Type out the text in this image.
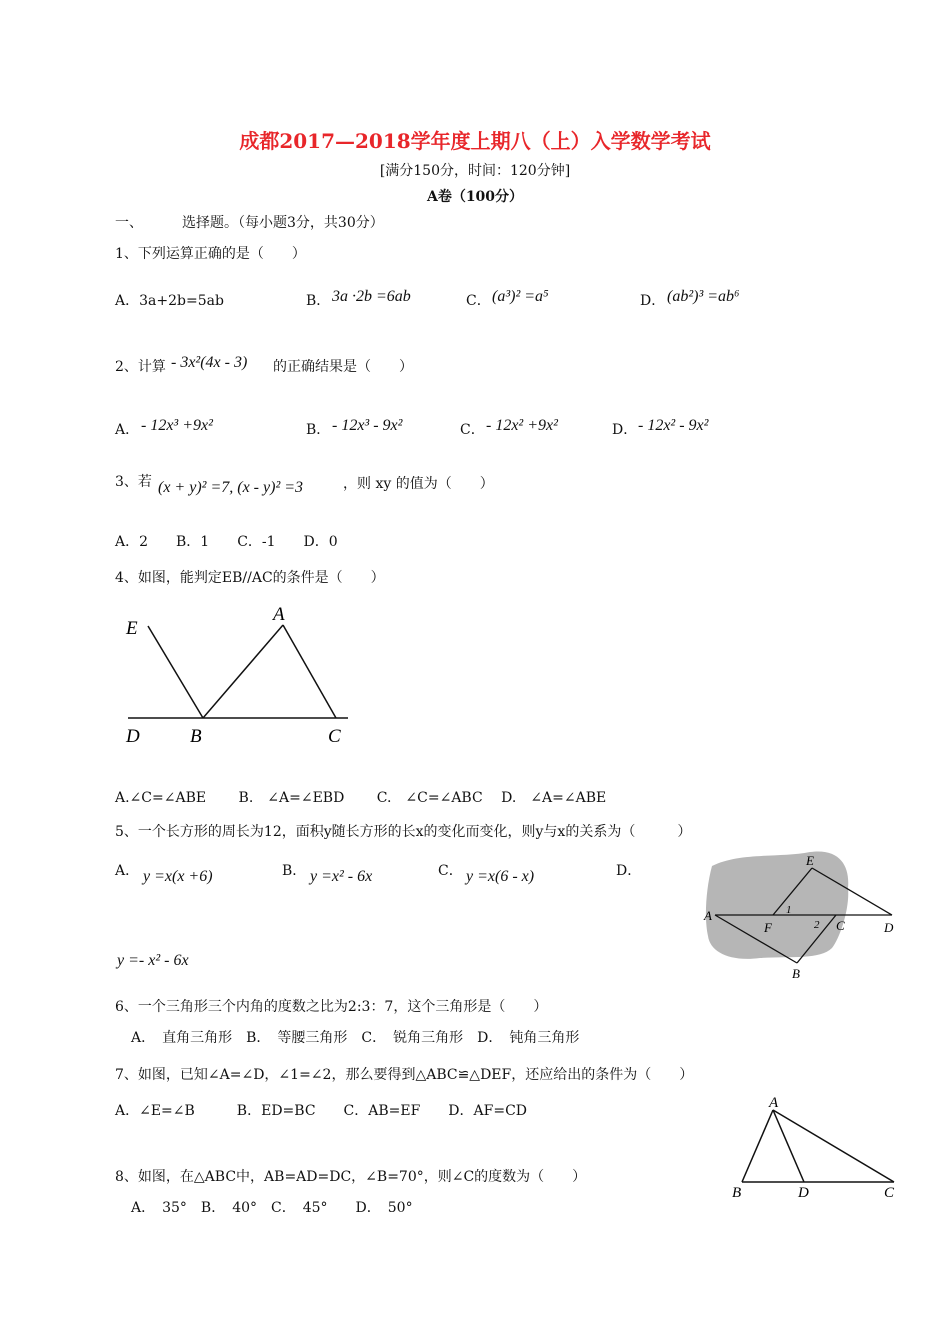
成都2017—2018学年度上期八（上）入学数学考试
[满分150分，时间：120分钟]
A卷（100分）
一、	选择题。（每小题3分，共30分）
1、下列运算正确的是（　　）
A．3a+2b=5ab	B． 3a ·2b =6ab	C． (a³)² =a⁵	D． (ab²)³ =ab⁶
2、计算 - 3x²(4x - 3) 的正确结果是（　　）
A． - 12x³ +9x²	B． - 12x³ - 9x²	C． - 12x² +9x²	D． - 12x² - 9x²
3、若 (x + y)² =7, (x - y)² =3	，则 xy 的值为（　　）
A．2　　B．1　　C．-1　　D．0
4、如图，能判定EB//AC的条件是（　　）
E
A
D	B	C
A.∠C=∠ABE　　 B.　∠A=∠EBD　　 C.　∠C=∠ABC　 D.　∠A=∠ABE
5、一个长方形的周长为12，面积y随长方形的长x的变化而变化，则y与x的关系为（　　　）
A． y =x(x +6)	B． y =x² - 6x	C． y =x(6 - x)	D．
y =- x² - 6x
E
A
F
1
2 C	D
B
6、一个三角形三个内角的度数之比为2:3：7，这个三角形是（　　）
A．　直角三角形　B．　等腰三角形　C．　锐角三角形　D．　钝角三角形
7、如图，已知∠A=∠D，∠1=∠2，那么要得到△ABC≌△DEF，还应给出的条件为（　　）
A．∠E=∠B　　　B．ED=BC　　C．AB=EF　　D．AF=CD	A
B	D	C
8、如图，在△ABC中，AB=AD=DC，∠B=70°，则∠C的度数为（　　）
A．　35°　B．　40°　C．　45°　　D．　50°
